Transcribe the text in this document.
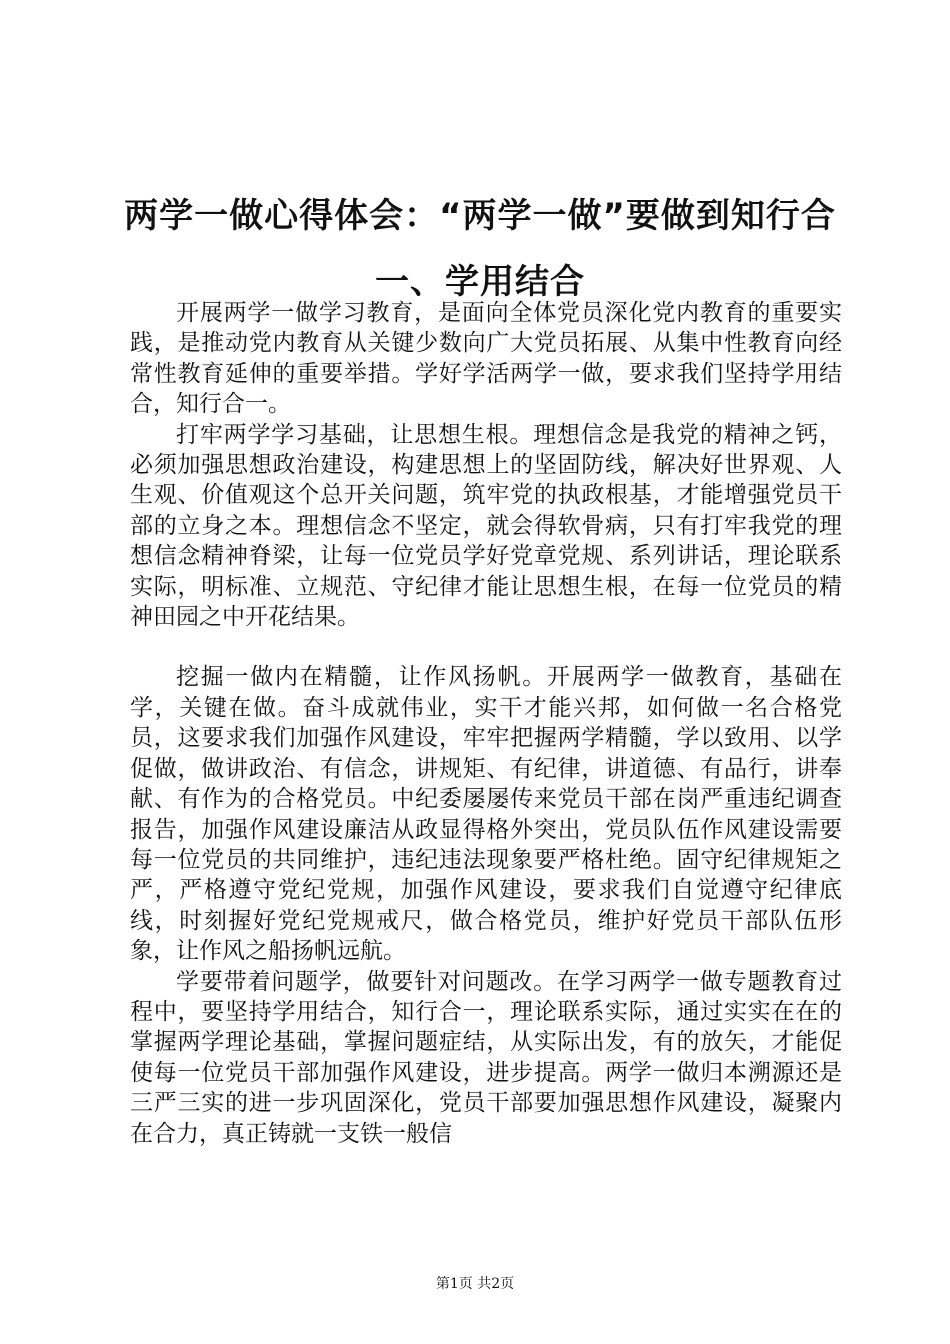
两学一做心得体会：“两学一做”要做到知行合一、学用结合

开展两学一做学习教育，是面向全体党员深化党内教育的重要实践，是推动党内教育从关键少数向广大党员拓展、从集中性教育向经常性教育延伸的重要举措。学好学活两学一做，要求我们坚持学用结合，知行合一。

打牢两学学习基础，让思想生根。理想信念是我党的精神之钙，必须加强思想政治建设，构建思想上的坚固防线，解决好世界观、人生观、价值观这个总开关问题，筑牢党的执政根基，才能增强党员干部的立身之本。理想信念不坚定，就会得软骨病，只有打牢我党的理想信念精神脊梁，让每一位党员学好党章党规、系列讲话，理论联系实际，明标准、立规范、守纪律才能让思想生根，在每一位党员的精神田园之中开花结果。

挖掘一做内在精髓，让作风扬帆。开展两学一做教育，基础在学，关键在做。奋斗成就伟业，实干才能兴邦，如何做一名合格党员，这要求我们加强作风建设，牢牢把握两学精髓，学以致用、以学促做，做讲政治、有信念，讲规矩、有纪律，讲道德、有品行，讲奉献、有作为的合格党员。中纪委屡屡传来党员干部在岗严重违纪调查报告，加强作风建设廉洁从政显得格外突出，党员队伍作风建设需要每一位党员的共同维护，违纪违法现象要严格杜绝。固守纪律规矩之严，严格遵守党纪党规，加强作风建设，要求我们自觉遵守纪律底线，时刻握好党纪党规戒尺，做合格党员，维护好党员干部队伍形象，让作风之船扬帆远航。

学要带着问题学，做要针对问题改。在学习两学一做专题教育过程中，要坚持学用结合，知行合一，理论联系实际，通过实实在在的掌握两学理论基础，掌握问题症结，从实际出发，有的放矢，才能促使每一位党员干部加强作风建设，进步提高。两学一做归本溯源还是三严三实的进一步巩固深化，党员干部要加强思想作风建设，凝聚内在合力，真正铸就一支铁一般信

第1页 共2页
